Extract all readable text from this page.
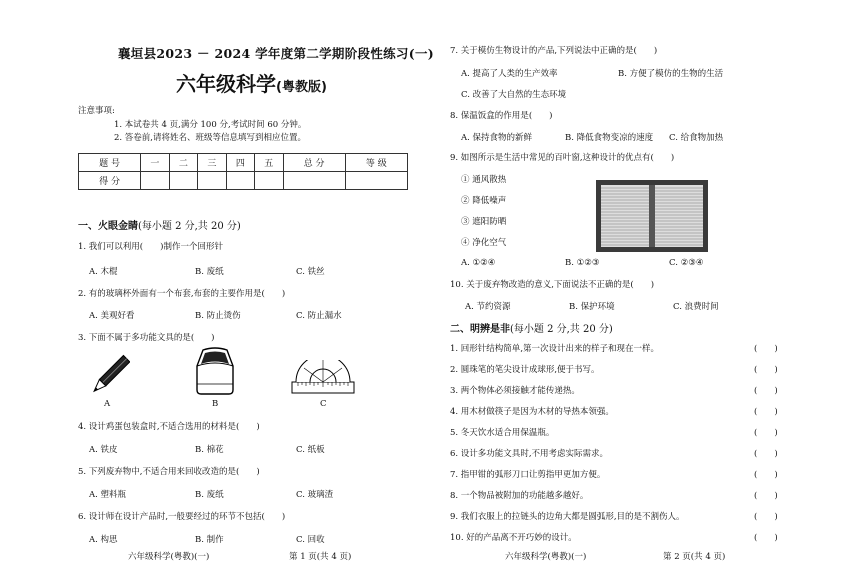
襄垣县2023 － 2024 学年度第二学期阶段性练习(一)
六年级科学(粤教版)
注意事项:
1. 本试卷共 4 页,满分 100 分,考试时间 60 分钟。
2. 答卷前,请将姓名、班级等信息填写到相应位置。
题 号	一	二	三	四	五	总 分	等 级
得 分							
一、火眼金睛(每小题 2 分,共 20 分)
1. 我们可以利用(　　)制作一个回形针
A. 木棍	B. 废纸	C. 铁丝
2. 有的玻璃杯外面有一个布套,布套的主要作用是(　　)
A. 美观好看	B. 防止烫伤	C. 防止漏水
3. 下面不属于多功能文具的是(　　)
A	B	C
4. 设计鸡蛋包装盒时,不适合选用的材料是(　　)
A. 铁皮	B. 棉花	C. 纸板
5. 下列废弃物中,不适合用来回收改造的是(　　)
A. 塑料瓶	B. 废纸	C. 玻璃渣
6. 设计师在设计产品时,一般要经过的环节不包括(　　)
A. 构思	B. 制作	C. 回收
六年级科学(粤教)(一)	第 1 页(共 4 页)
7. 关于模仿生物设计的产品,下列说法中正确的是(　　)
A. 提高了人类的生产效率	B. 方便了模仿的生物的生活
C. 改善了大自然的生态环境
8. 保温饭盒的作用是(　　)
A. 保持食物的新鲜	B. 降低食物变凉的速度 C. 给食物加热
9. 如图所示是生活中常见的百叶窗,这种设计的优点有(　　)
① 通风散热
② 降低噪声
③ 遮阳防晒
④ 净化空气
A. ①②④	B. ①②③	C. ②③④
10. 关于废弃物改造的意义,下面说法不正确的是(　　)
A. 节约资源	B. 保护环境	C. 浪费时间
二、明辨是非(每小题 2 分,共 20 分)
1. 回形针结构简单,第一次设计出来的样子和现在一样。	(　　)
2. 圆珠笔的笔尖设计成球形,便于书写。	(　　)
3. 两个物体必须接触才能传递热。	(　　)
4. 用木材做筷子是因为木材的导热本领强。	(　　)
5. 冬天饮水适合用保温瓶。	(　　)
6. 设计多功能文具时,不用考虑实际需求。	(　　)
7. 指甲钳的弧形刀口让剪指甲更加方便。	(　　)
8. 一个物品被附加的功能越多越好。	(　　)
9. 我们衣服上的拉链头的边角大都是圆弧形,目的是不割伤人。	(　　)
10. 好的产品离不开巧妙的设计。	(　　)
六年级科学(粤教)(一)	第 2 页(共 4 页)
